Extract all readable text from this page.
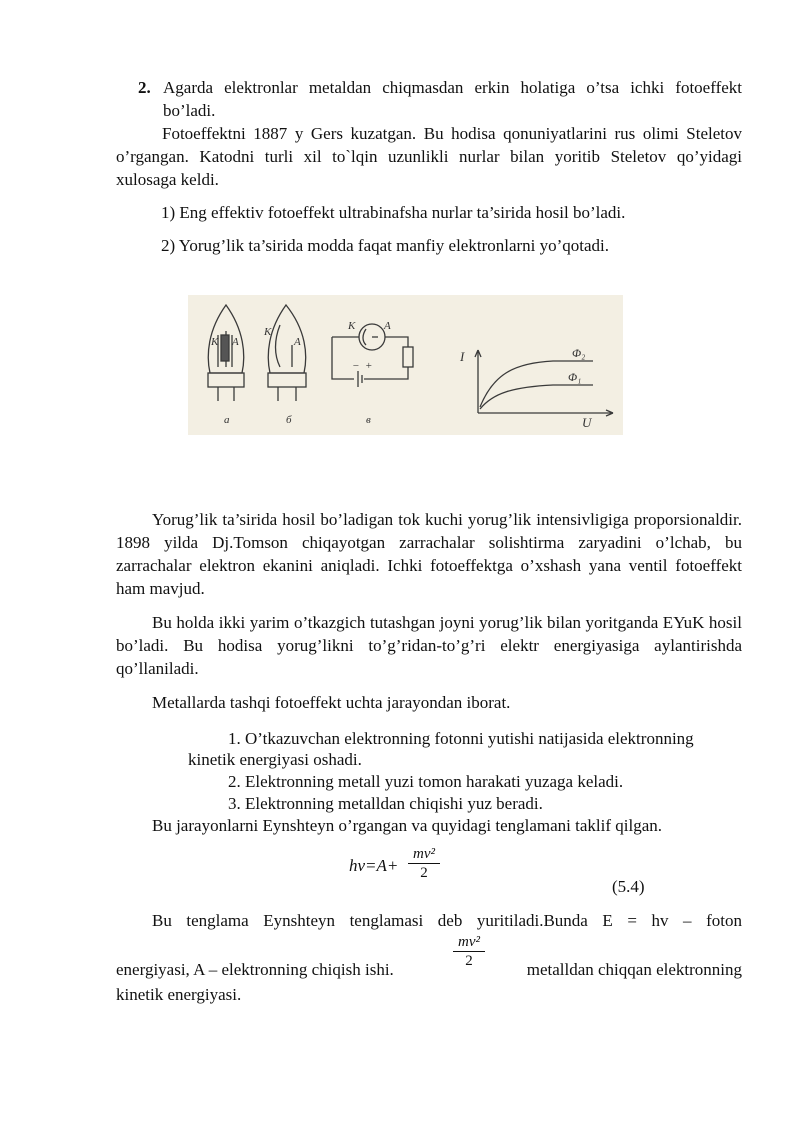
2. Agarda elektronlar metaldan chiqmasdan erkin holatiga o’tsa ichki fotoeffekt bo’ladi.

Fotoeffektni 1887 y Gers kuzatgan. Bu hodisa qonuniyatlarini rus olimi Steletov o’rgangan. Katodni turli xil to`lqin uzunlikli nurlar bilan yoritib Steletov qo’yidagi xulosaga keldi.

1) Eng effektiv fotoeffekt ultrabinafsha nurlar ta’sirida hosil bo’ladi.
2) Yorug’lik ta’sirida modda faqat manfiy elektronlarni yo’qotadi.
K A
a
K
A
б
K	A
− +
в
I
U
Φ₂
Φ₁

Yorug’lik ta’sirida hosil bo’ladigan tok kuchi yorug’lik intensivligiga proporsionaldir. 1898 yilda Dj.Tomson chiqayotgan zarrachalar solishtirma zaryadini o’lchab, bu zarrachalar elektron ekanini aniqladi. Ichki fotoeffektga o’xshash yana ventil fotoeffekt ham mavjud.

Bu holda ikki yarim o’tkazgich tutashgan joyni yorug’lik bilan yoritganda EYuK hosil bo’ladi. Bu hodisa yorug’likni to’g’ridan-to’g’ri elektr energiyasiga aylantirishda qo’llaniladi.

Metallarda tashqi fotoeffekt uchta jarayondan iborat.

1. O’tkazuvchan elektronning fotonni yutishi natijasida elektronning
kinetik energiyasi oshadi.
2. Elektronning metall yuzi tomon harakati yuzaga keladi.
3. Elektronning metalldan chiqishi yuz beradi.

Bu jarayonlarni Eynshteyn o’rgangan va quyidagi tenglamani taklif qilgan.

hν=A+
mv²
2
(5.4)
Bu tenglama Eynshteyn tenglamasi deb yuritiladi.Bunda E = hv – foton
energiyasi, A – elektronning chiqish ishi.
mv²
2	metalldan chiqqan elektronning
kinetik energiyasi.
